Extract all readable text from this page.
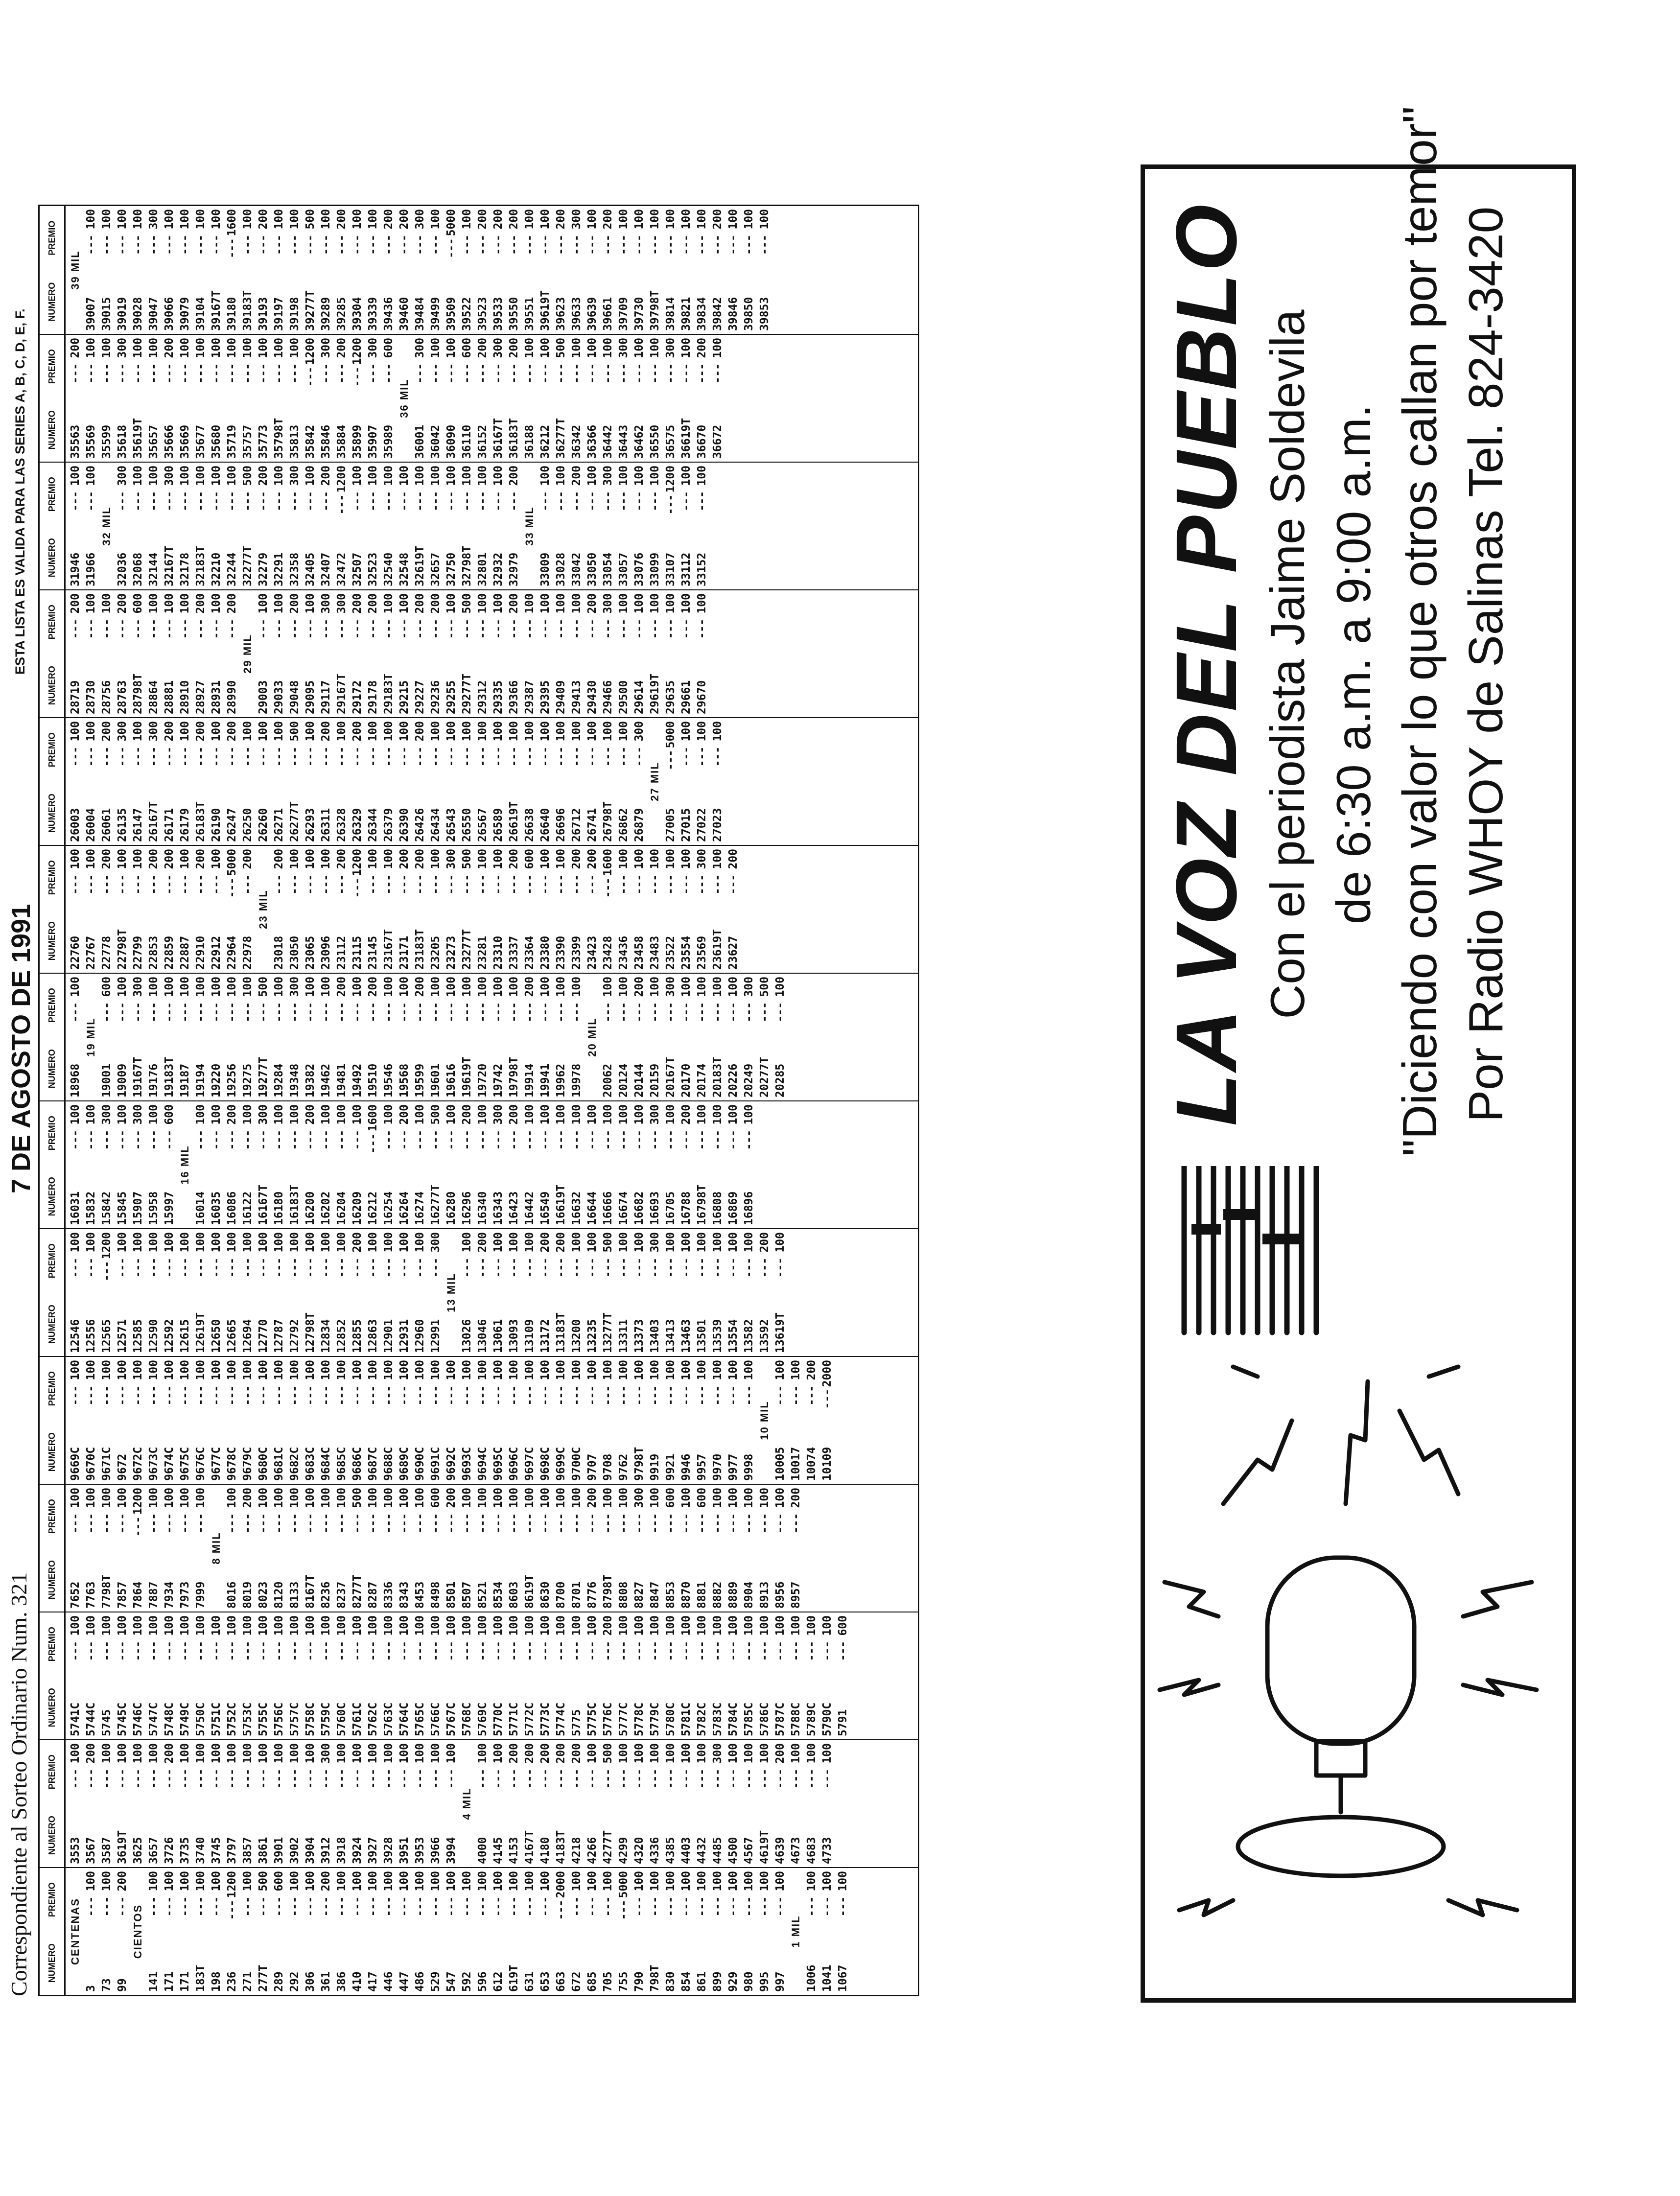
LA VOZ DEL PUEBLO Con el periodista Jaime Soldevila de 6:30 a.m. a 9:00 a.m. "Diciendo con valor lo que otros callan por temor" Por Radio WHOY de Salinas Tel. 824-3420
Correspondiente al Sorteo Ordinario Num. 321
7 DE AGOSTO DE 1991
ESTA LISTA ES VALIDA PARA LAS SERIES A, B, C, D, E, F.
NUMERO
PREMIO
NUMERO
PREMIO
NUMERO
PREMIO
NUMERO
PREMIO
NUMERO
PREMIO
NUMERO
PREMIO
NUMERO
PREMIO
NUMERO
PREMIO
NUMERO
PREMIO
NUMERO
PREMIO
NUMERO
PREMIO
NUMERO
PREMIO
NUMERO
PREMIO
NUMERO
PREMIO
CENTENAS
3
---
100
73
---
100
99
---
200
CIENTOS
141
---
100
171
---
100
171
---
100
183T
---
100
198
---
100
236
---
1200
271
---
100
277T
---
500
289
---
600
292
---
100
306
---
100
361
---
200
386
---
100
410
---
100
417
---
100
446
---
100
447
---
100
486
---
100
529
---
100
547
---
100
592
---
100
596
---
100
612
---
100
619T
---
100
631
---
100
653
---
100
663
---
2000
672
---
100
685
---
100
705
---
100
755
---
5000
790
---
100
798T
---
100
830
---
100
854
---
100
861
---
100
899
---
100
929
---
100
980
---
100
995
---
100
997
---
100
1 MIL
1006
---
100
1041
---
100
1067
---
100
3553
---
100
3567
---
200
3587
---
100
3619T
---
100
3625
---
100
3657
---
100
3726
---
200
3735
---
100
3740
---
100
3745
---
100
3797
---
100
3857
---
100
3861
---
100
3901
---
100
3902
---
100
3904
---
100
3912
---
300
3918
---
100
3924
---
100
3927
---
100
3928
---
100
3951
---
100
3953
---
100
3966
---
100
3994
---
100
4 MIL
4000
---
100
4145
---
100
4153
---
200
4167T
---
200
4180
---
200
4183T
---
200
4218
---
200
4266
---
100
4277T
---
500
4299
---
100
4320
---
100
4336
---
100
4385
---
100
4403
---
100
4432
---
100
4485
---
300
4500
---
100
4567
---
100
4619T
---
100
4639
---
200
4673
---
100
4683
---
100
4733
---
100
5741C
---
100
5744C
---
100
5745
---
100
5745C
---
100
5746C
---
100
5747C
---
100
5748C
---
100
5749C
---
100
5750C
---
100
5751C
---
100
5752C
---
100
5753C
---
100
5755C
---
100
5756C
---
100
5757C
---
100
5758C
---
100
5759C
---
100
5760C
---
100
5761C
---
100
5762C
---
100
5763C
---
100
5764C
---
100
5765C
---
100
5766C
---
100
5767C
---
100
5768C
---
100
5769C
---
100
5770C
---
100
5771C
---
100
5772C
---
100
5773C
---
100
5774C
---
100
5775
---
100
5775C
---
100
5776C
---
200
5777C
---
100
5778C
---
100
5779C
---
100
5780C
---
100
5781C
---
100
5782C
---
100
5783C
---
100
5784C
---
100
5785C
---
100
5786C
---
100
5787C
---
100
5788C
---
100
5789C
---
100
5790C
---
100
5791
---
600
7652
---
100
7763
---
100
7798T
---
100
7857
---
100
7864
---
1200
7887
---
100
7934
---
100
7973
---
100
7999
---
100
8 MIL
8016
---
100
8019
---
200
8023
---
100
8120
---
100
8133
---
100
8167T
---
100
8236
---
100
8237
---
100
8277T
---
500
8287
---
100
8336
---
100
8343
---
100
8453
---
100
8498
---
600
8501
---
200
8507
---
100
8521
---
100
8534
---
100
8603
---
100
8619T
---
100
8630
---
100
8700
---
100
8701
---
100
8776
---
200
8798T
---
100
8808
---
100
8827
---
300
8847
---
100
8853
---
600
8870
---
100
8881
---
600
8882
---
100
8889
---
100
8904
---
100
8913
---
100
8956
---
100
8957
---
200
9669C
---
100
9670C
---
100
9671C
---
100
9672
---
100
9672C
---
100
9673C
---
100
9674C
---
100
9675C
---
100
9676C
---
100
9677C
---
100
9678C
---
100
9679C
---
100
9680C
---
100
9681C
---
100
9682C
---
100
9683C
---
100
9684C
---
100
9685C
---
100
9686C
---
100
9687C
---
100
9688C
---
100
9689C
---
100
9690C
---
100
9691C
---
100
9692C
---
100
9693C
---
100
9694C
---
100
9695C
---
100
9696C
---
100
9697C
---
100
9698C
---
100
9699C
---
100
9700C
---
100
9707
---
100
9708
---
100
9762
---
100
9798T
---
100
9919
---
100
9921
---
100
9946
---
100
9957
---
100
9970
---
100
9977
---
100
9998
---
100
10 MIL
10005
---
100
10017
---
100
10074
---
200
10109
---
2000
12546
---
100
12556
---
100
12565
---
1200
12571
---
100
12585
---
100
12590
---
100
12592
---
100
12615
---
100
12619T
---
100
12650
---
100
12665
---
100
12694
---
100
12770
---
100
12787
---
100
12792
---
100
12798T
---
100
12834
---
100
12852
---
100
12855
---
200
12863
---
100
12901
---
100
12931
---
100
12960
---
100
12991
---
300
13 MIL
13026
---
100
13046
---
200
13061
---
100
13093
---
100
13109
---
100
13172
---
200
13183T
---
200
13200
---
100
13235
---
100
13277T
---
500
13311
---
100
13373
---
100
13403
---
300
13413
---
100
13463
---
100
13501
---
100
13539
---
100
13554
---
100
13582
---
100
13592
---
200
13619T
---
100
16031
---
100
15832
---
100
15842
---
300
15845
---
100
15907
---
300
15958
---
100
15997
---
600
16 MIL
16014
---
100
16035
---
100
16086
---
200
16122
---
100
16167T
---
300
16180
---
100
16183T
---
100
16200
---
200
16202
---
100
16204
---
100
16209
---
100
16212
---
1600
16254
---
100
16264
---
200
16274
---
100
16277T
---
500
16280
---
100
16296
---
200
16340
---
100
16343
---
300
16423
---
200
16442
---
100
16549
---
100
16619T
---
100
16632
---
100
16644
---
100
16666
---
100
16674
---
100
16682
---
100
16693
---
300
16705
---
100
16788
---
200
16798T
---
100
16808
---
100
16869
---
100
16896
---
100
18968
---
100
19 MIL
19001
---
600
19009
---
100
19167T
---
300
19176
---
100
19183T
---
100
19187
---
100
19194
---
100
19220
---
100
19256
---
100
19275
---
100
19277T
---
500
19284
---
100
19348
---
300
19382
---
100
19462
---
100
19481
---
200
19492
---
100
19510
---
200
19546
---
100
19568
---
100
19599
---
200
19601
---
100
19616
---
100
19619T
---
100
19720
---
100
19742
---
100
19798T
---
100
19914
---
200
19941
---
100
19962
---
100
19978
---
100
20 MIL
20062
---
100
20124
---
100
20144
---
200
20159
---
100
20167T
---
300
20170
---
100
20174
---
100
20183T
---
100
20226
---
100
20249
---
300
20277T
---
500
20285
---
100
22760
---
100
22767
---
100
22778
---
200
22798T
---
100
22799
---
100
22853
---
200
22859
---
200
22887
---
100
22910
---
200
22912
---
100
22964
---
5000
22978
---
200
23 MIL
23018
---
200
23050
---
100
23065
---
100
23096
---
100
23112
---
200
23115
---
1200
23145
---
100
23167T
---
100
23171
---
200
23183T
---
200
23205
---
100
23273
---
300
23277T
---
500
23281
---
100
23310
---
100
23337
---
200
23364
---
600
23380
---
100
23390
---
100
23399
---
200
23423
---
200
23428
---
1600
23436
---
100
23458
---
100
23483
---
100
23522
---
100
23554
---
100
23569
---
300
23619T
---
100
23627
---
200
26003
---
100
26004
---
100
26061
---
200
26135
---
300
26147
---
100
26167T
---
300
26171
---
200
26179
---
100
26183T
---
200
26190
---
100
26247
---
200
26250
---
100
26260
---
100
26271
---
100
26277T
---
500
26293
---
100
26311
---
200
26328
---
100
26329
---
200
26344
---
100
26379
---
100
26390
---
100
26426
---
200
26434
---
100
26543
---
100
26550
---
100
26567
---
100
26589
---
100
26619T
---
100
26638
---
100
26640
---
100
26696
---
100
26712
---
100
26741
---
100
26798T
---
100
26862
---
100
26879
---
300
27 MIL
27005
---
5000
27015
---
100
27022
---
100
27023
---
100
28719
---
200
28730
---
100
28756
---
100
28763
---
200
28798T
---
600
28864
---
100
28881
---
100
28910
---
100
28927
---
200
28931
---
100
28990
---
200
29 MIL
29003
---
100
29033
---
100
29048
---
200
29095
---
100
29117
---
300
29167T
---
300
29172
---
200
29178
---
200
29183T
---
100
29215
---
100
29227
---
200
29236
---
200
29255
---
100
29277T
---
500
29312
---
100
29335
---
100
29366
---
200
29387
---
100
29395
---
100
29409
---
100
29413
---
100
29430
---
200
29466
---
300
29500
---
100
29614
---
100
29619T
---
100
29635
---
100
29661
---
100
29670
---
100
31946
---
100
31966
---
100
32 MIL
32036
---
300
32068
---
100
32144
---
100
32167T
---
300
32178
---
100
32183T
---
100
32210
---
100
32244
---
100
32277T
---
500
32279
---
200
32291
---
100
32358
---
300
32405
---
100
32407
---
200
32472
---
1200
32507
---
100
32523
---
100
32540
---
100
32548
---
100
32619T
---
100
32657
---
100
32750
---
100
32798T
---
100
32801
---
100
32932
---
100
32979
---
200
33 MIL
33009
---
100
33028
---
100
33042
---
200
33050
---
100
33054
---
300
33057
---
100
33076
---
100
33099
---
100
33107
---
1200
33112
---
100
33152
---
100
35563
---
200
35569
---
100
35599
---
100
35618
---
300
35619T
---
100
35657
---
100
35666
---
200
35669
---
100
35677
---
100
35680
---
100
35719
---
100
35757
---
100
35773
---
100
35798T
---
100
35813
---
100
35842
---
1200
35846
---
300
35884
---
200
35899
---
1200
35907
---
300
35989
---
600
36 MIL
36001
---
300
36042
---
100
36090
---
100
36110
---
600
36152
---
200
36167T
---
300
36183T
---
200
36188
---
100
36212
---
100
36277T
---
500
36342
---
100
36366
---
100
36442
---
100
36443
---
300
36462
---
100
36550
---
100
36575
---
300
36619T
---
100
36670
---
200
36672
---
100
39 MIL
39007
---
100
39015
---
100
39019
---
100
39028
---
100
39047
---
300
39066
---
100
39079
---
100
39104
---
100
39167T
---
100
39180
---
1600
39183T
---
100
39193
---
200
39197
---
100
39198
---
100
39277T
---
500
39289
---
100
39285
---
200
39304
---
100
39339
---
100
39436
---
200
39460
---
200
39484
---
300
39499
---
100
39509
---
5000
39522
---
100
39523
---
200
39533
---
200
39550
---
200
39551
---
100
39619T
---
100
39623
---
200
39633
---
300
39639
---
100
39661
---
200
39709
---
100
39730
---
100
39798T
---
100
39814
---
100
39821
---
100
39834
---
100
39842
---
200
39846
---
100
39850
---
100
39853
---
100
